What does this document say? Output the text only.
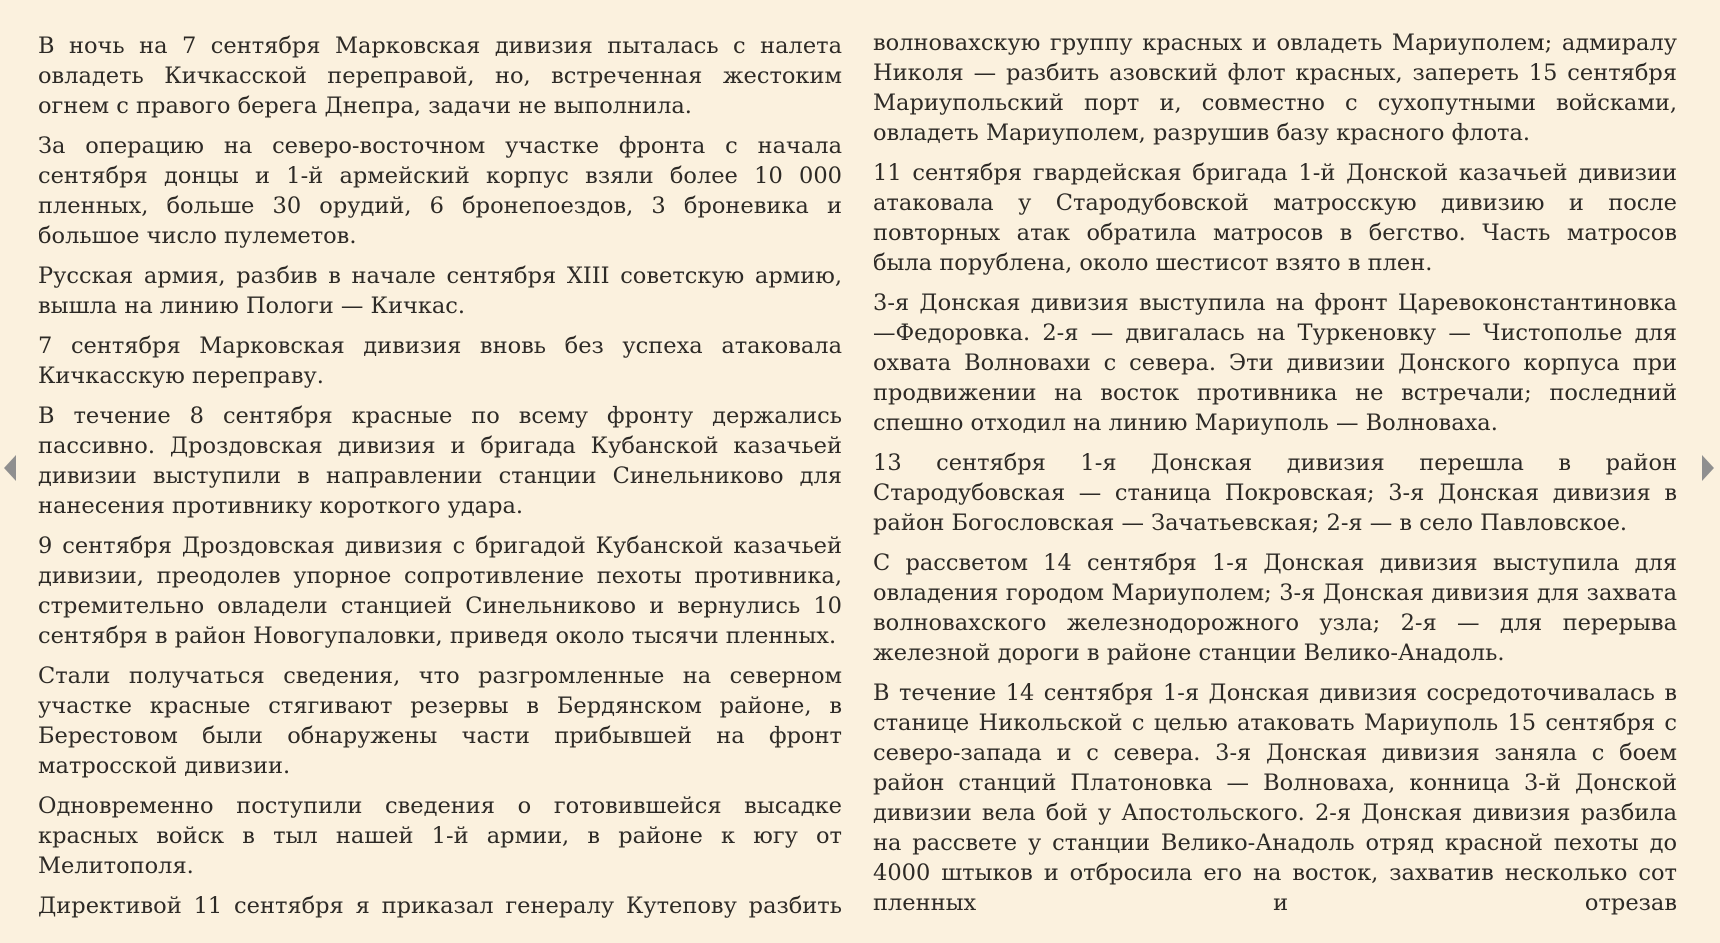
В ночь на 7 сентября Марковская дивизия пыталась с налета овладеть Кичкасской переправой, но, встреченная жестоким огнем с правого берега Днепра, задачи не выполнила.

За операцию на северо-восточном участке фронта с начала сентября донцы и 1-й армейский корпус взяли более 10 000 пленных, больше 30 орудий, 6 бронепоездов, 3 броневика и большое число пулеметов.

Русская армия, разбив в начале сентября XIII советскую армию, вышла на линию Пологи — Кичкас.

7 сентября Марковская дивизия вновь без успеха атаковала Кичкасскую переправу.

В течение 8 сентября красные по всему фронту держались пассивно. Дроздовская дивизия и бригада Кубанской казачьей дивизии выступили в направлении станции Синельниково для нанесения противнику короткого удара.

9 сентября Дроздовская дивизия с бригадой Кубанской казачьей дивизии, преодолев упорное сопротивление пехоты противника, стремительно овладели станцией Синельниково и вернулись 10 сентября в район Новогупаловки, приведя около тысячи пленных.

Стали получаться сведения, что разгромленные на северном участке красные стягивают резервы в Бердянском районе, в Берестовом были обнаружены части прибывшей на фронт матросской дивизии.

Одновременно поступили сведения о готовившейся высадке красных войск в тыл нашей 1-й армии, в районе к югу от Мелитополя.

Директивой 11 сентября я приказал генералу Кутепову разбить

волновахскую группу красных и овладеть Мариуполем; адмиралу Николя — разбить азовский флот красных, запереть 15 сентября Мариупольский порт и, совместно с сухопутными войсками, овладеть Мариуполем, разрушив базу красного флота.

11 сентября гвардейская бригада 1-й Донской казачьей дивизии атаковала у Стародубовской матросскую дивизию и после повторных атак обратила матросов в бегство. Часть матросов была порублена, около шестисот взято в плен.

3-я Донская дивизия выступила на фронт Царевоконстантиновка—Федоровка. 2-я — двигалась на Туркеновку — Чистополье для охвата Волновахи с севера. Эти дивизии Донского корпуса при продвижении на восток противника не встречали; последний спешно отходил на линию Мариуполь — Волноваха.

13 сентября 1-я Донская дивизия перешла в район Стародубовская — станица Покровская; 3-я Донская дивизия в район Богословская — Зачатьевская; 2-я — в село Павловское.

С рассветом 14 сентября 1-я Донская дивизия выступила для овладения городом Мариуполем; 3-я Донская дивизия для захвата волновахского железнодорожного узла; 2-я — для перерыва железной дороги в районе станции Велико-Анадоль.

В течение 14 сентября 1-я Донская дивизия сосредоточивалась в станице Никольской с целью атаковать Мариуполь 15 сентября с северо-запада и с севера. 3-я Донская дивизия заняла с боем район станций Платоновка — Волноваха, конница 3-й Донской дивизии вела бой у Апостольского. 2-я Донская дивизия разбила на рассвете у станции Велико-Анадоль отряд красной пехоты до 4000 штыков и отбросила его на восток, захватив несколько сот пленных и отрезав
